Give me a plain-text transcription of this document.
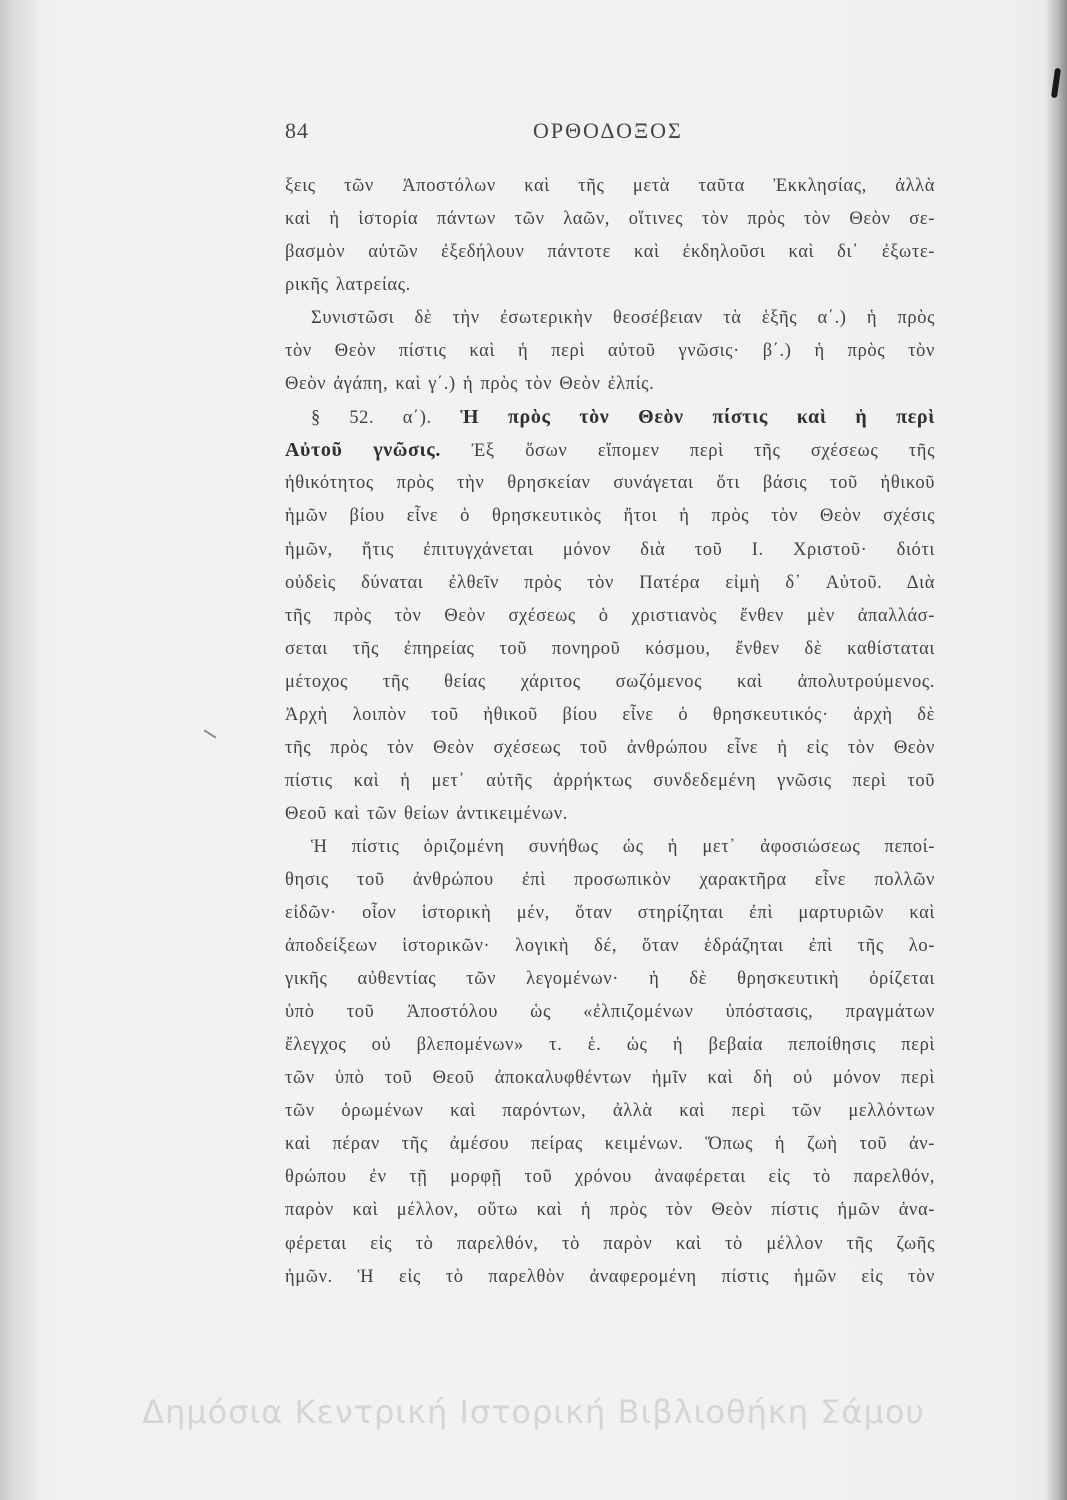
84	ΟΡΘΟΔΟΞΟΣ
ξεις τῶν Ἀποστόλων καὶ τῆς μετὰ ταῦτα Ἐκκλησίας, ἀλλὰ
καὶ ἡ ἱστορία πάντων τῶν λαῶν, οἵτινες τὸν πρὸς τὸν Θεὸν σε-
βασμὸν αὐτῶν ἐξεδήλουν πάντοτε καὶ ἐκδηλοῦσι καὶ δι᾽ ἐξωτε-
ρικῆς λατρείας.
Συνιστῶσι δὲ τὴν ἐσωτερικὴν θεοσέβειαν τὰ ἑξῆς α΄.) ἡ πρὸς
τὸν Θεὸν πίστις καὶ ἡ περὶ αὐτοῦ γνῶσις· β΄.) ἡ πρὸς τὸν
Θεὸν ἀγάπη, καὶ γ΄.) ἡ πρὸς τὸν Θεὸν ἐλπίς.
§ 52. α΄). Ἡ πρὸς τὸν Θεὸν πίστις καὶ ἡ περὶ
Αὐτοῦ γνῶσις. Ἐξ ὅσων εἴπομεν περὶ τῆς σχέσεως τῆς
ἠθικότητος πρὸς τὴν θρησκείαν συνάγεται ὅτι βάσις τοῦ ἠθικοῦ
ἡμῶν βίου εἶνε ὁ θρησκευτικὸς ἤτοι ἡ πρὸς τὸν Θεὸν σχέσις
ἡμῶν, ἥτις ἐπιτυγχάνεται μόνον διὰ τοῦ Ι. Χριστοῦ· διότι
οὐδεὶς δύναται ἐλθεῖν πρὸς τὸν Πατέρα εἰμὴ δ᾽ Αὐτοῦ. Διὰ
τῆς πρὸς τὸν Θεὸν σχέσεως ὁ χριστιανὸς ἔνθεν μὲν ἀπαλλάσ-
σεται τῆς ἐπηρείας τοῦ πονηροῦ κόσμου, ἔνθεν δὲ καθίσταται
μέτοχος τῆς θείας χάριτος σωζόμενος καὶ ἀπολυτρούμενος.
Ἀρχὴ λοιπὸν τοῦ ἠθικοῦ βίου εἶνε ὁ θρησκευτικός· ἀρχὴ δὲ
τῆς πρὸς τὸν Θεὸν σχέσεως τοῦ ἀνθρώπου εἶνε ἡ εἰς τὸν Θεὸν
πίστις καὶ ἡ μετ᾽ αὐτῆς ἀρρήκτως συνδεδεμένη γνῶσις περὶ τοῦ
Θεοῦ καὶ τῶν θείων ἀντικειμένων.
Ἡ πίστις ὁριζομένη συνήθως ὡς ἡ μετ᾽ ἀφοσιώσεως πεποί-
θησις τοῦ ἀνθρώπου ἐπὶ προσωπικὸν χαρακτῆρα εἶνε πολλῶν
εἰδῶν· οἷον ἱστορικὴ μέν, ὅταν στηρίζηται ἐπὶ μαρτυριῶν καὶ
ἀποδείξεων ἱστορικῶν· λογικὴ δέ, ὅταν ἑδράζηται ἐπὶ τῆς λο-
γικῆς αὐθεντίας τῶν λεγομένων· ἡ δὲ θρησκευτικὴ ὁρίζεται
ὑπὸ τοῦ Ἀποστόλου ὡς «ἐλπιζομένων ὑπόστασις, πραγμάτων
ἔλεγχος οὐ βλεπομένων» τ. ἑ. ὡς ἡ βεβαία πεποίθησις περὶ
τῶν ὑπὸ τοῦ Θεοῦ ἀποκαλυφθέντων ἡμῖν καὶ δὴ οὐ μόνον περὶ
τῶν ὁρωμένων καὶ παρόντων, ἀλλὰ καὶ περὶ τῶν μελλόντων
καὶ πέραν τῆς ἀμέσου πείρας κειμένων. Ὅπως ἡ ζωὴ τοῦ ἀν-
θρώπου ἐν τῇ μορφῇ τοῦ χρόνου ἀναφέρεται εἰς τὸ παρελθόν,
παρὸν καὶ μέλλον, οὕτω καὶ ἡ πρὸς τὸν Θεὸν πίστις ἡμῶν ἀνα-
φέρεται εἰς τὸ παρελθόν, τὸ παρὸν καὶ τὸ μέλλον τῆς ζωῆς
ἡμῶν. Ἡ εἰς τὸ παρελθὸν ἀναφερομένη πίστις ἡμῶν εἰς τὸν
Δημόσια Κεντρική Ιστορική Βιβλιοθήκη Σάμου
